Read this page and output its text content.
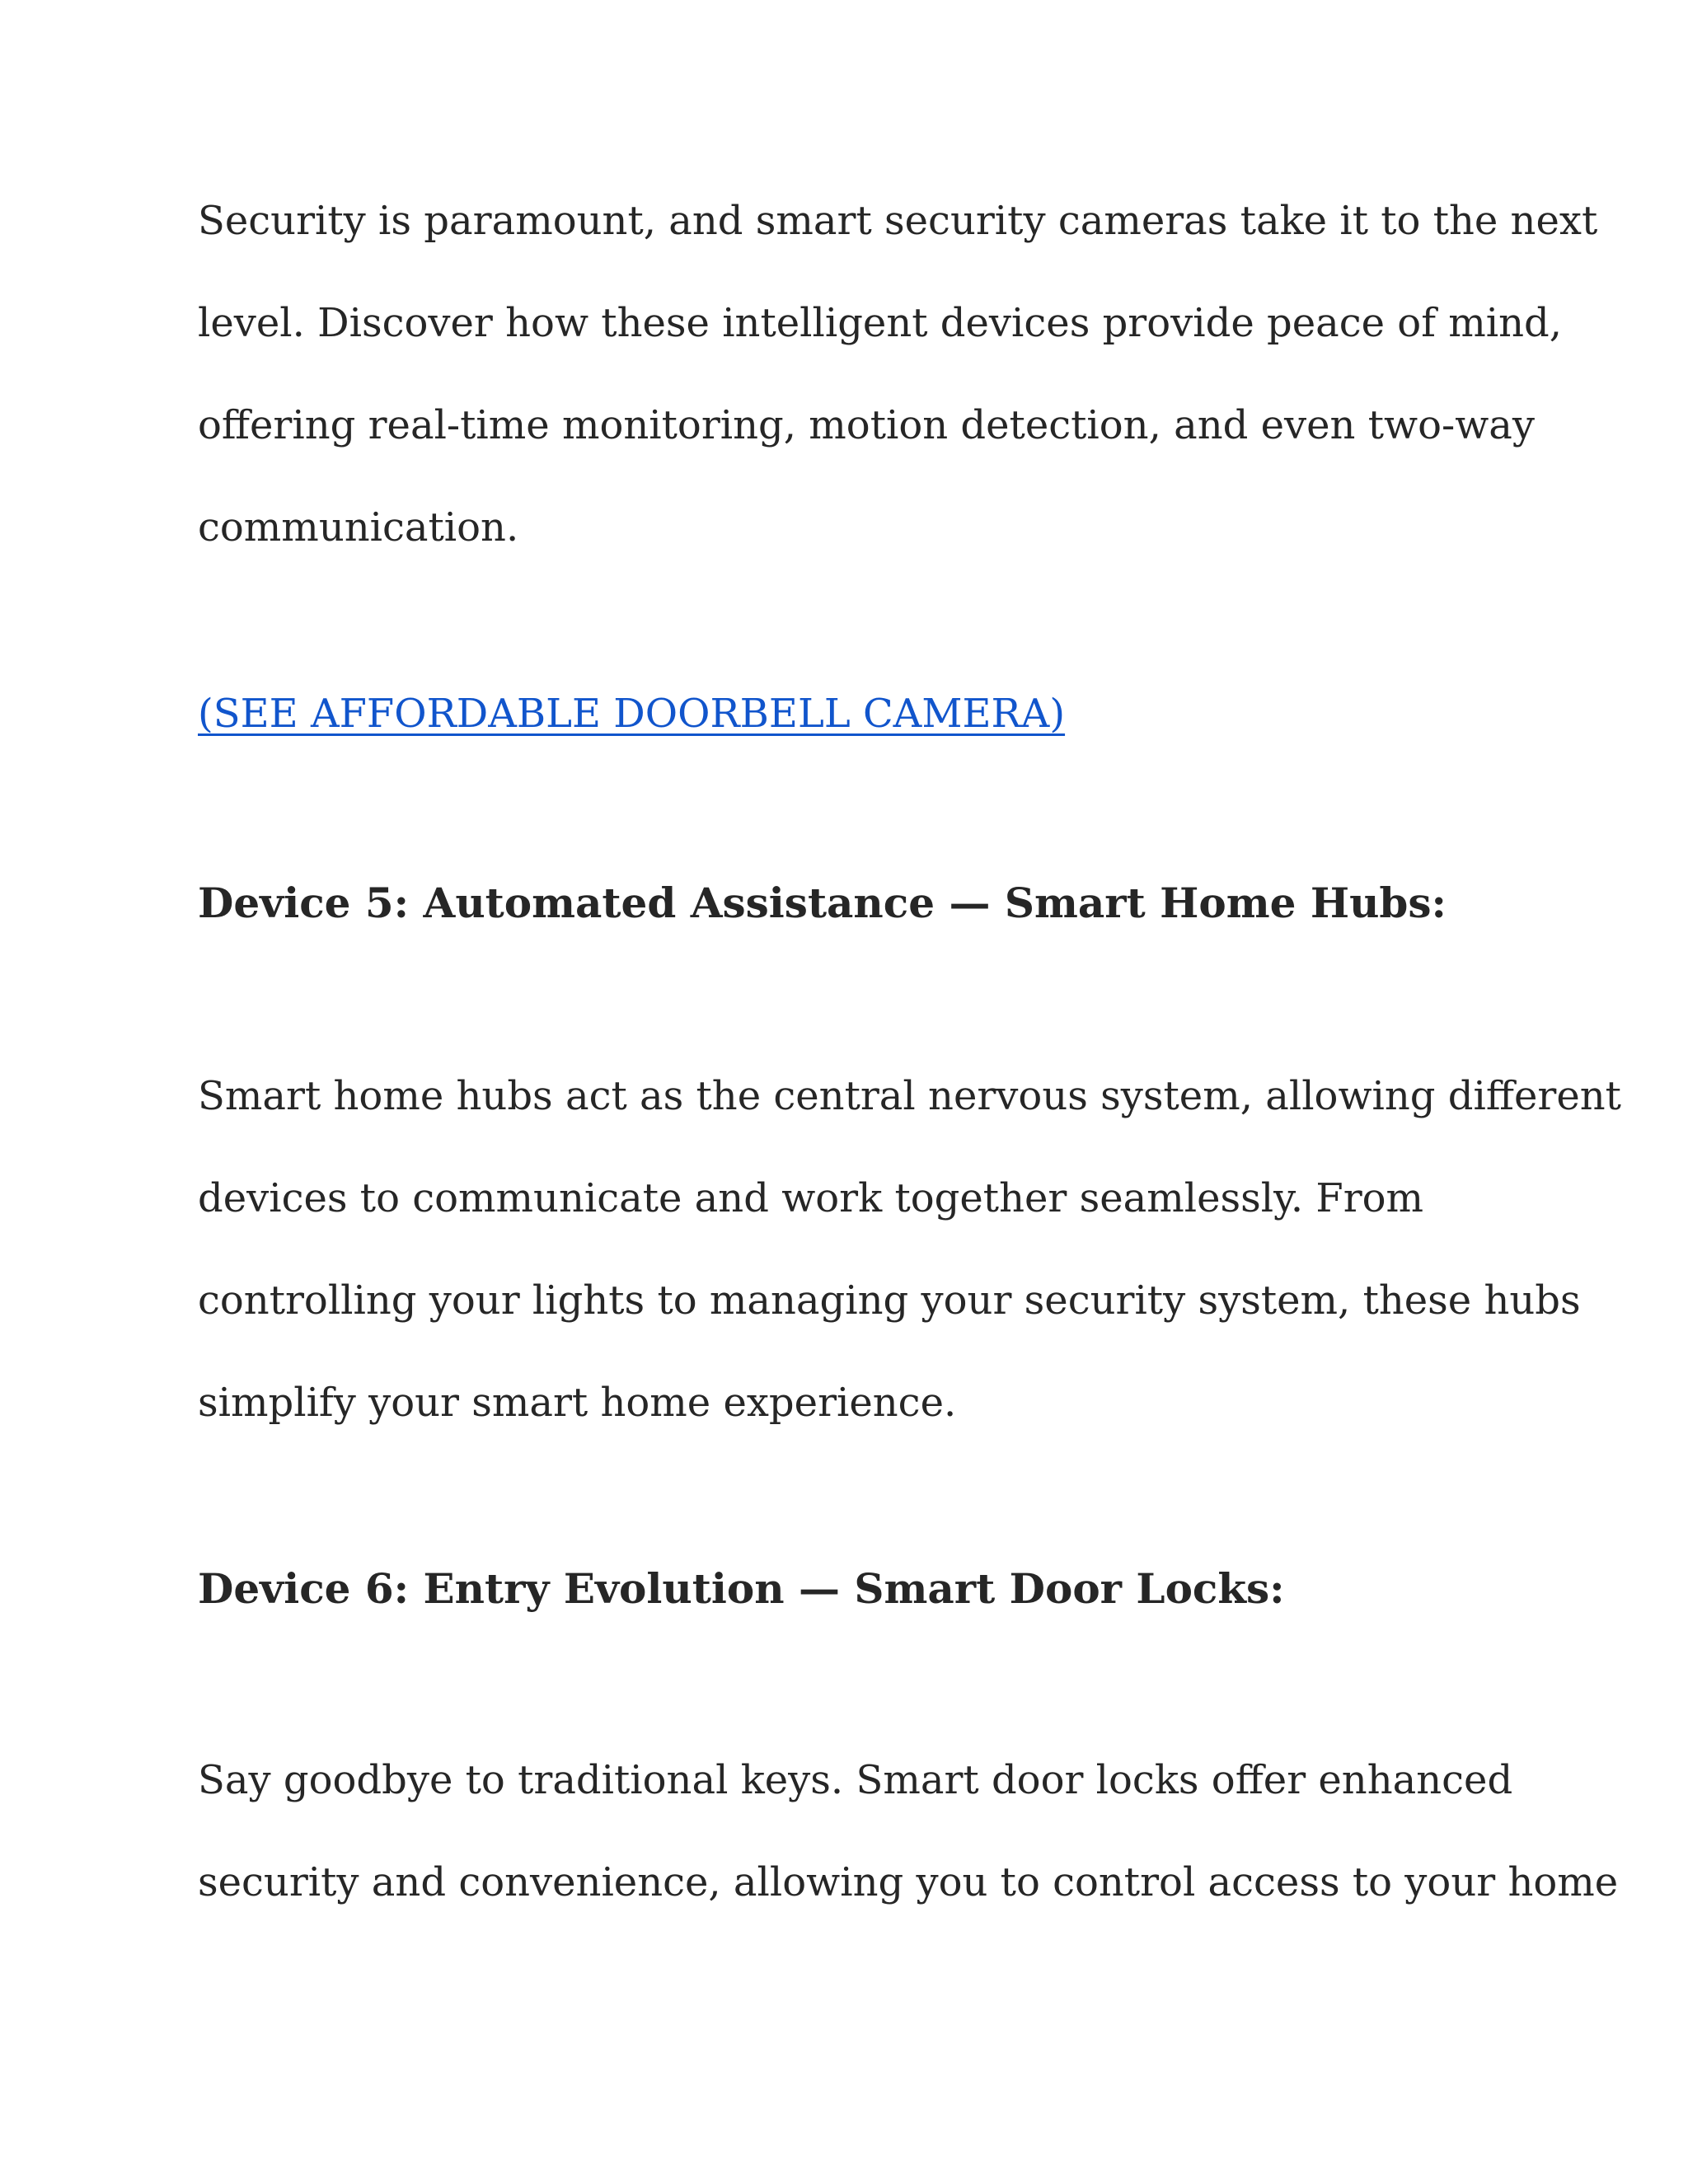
Security is paramount, and smart security cameras take it to the next
level. Discover how these intelligent devices provide peace of mind,
offering real-time monitoring, motion detection, and even two-way
communication.

(SEE AFFORDABLE DOORBELL CAMERA)
Device 5: Automated Assistance — Smart Home Hubs:

Smart home hubs act as the central nervous system, allowing different
devices to communicate and work together seamlessly. From
controlling your lights to managing your security system, these hubs
simplify your smart home experience.

Device 6: Entry Evolution — Smart Door Locks:

Say goodbye to traditional keys. Smart door locks offer enhanced
security and convenience, allowing you to control access to your home
